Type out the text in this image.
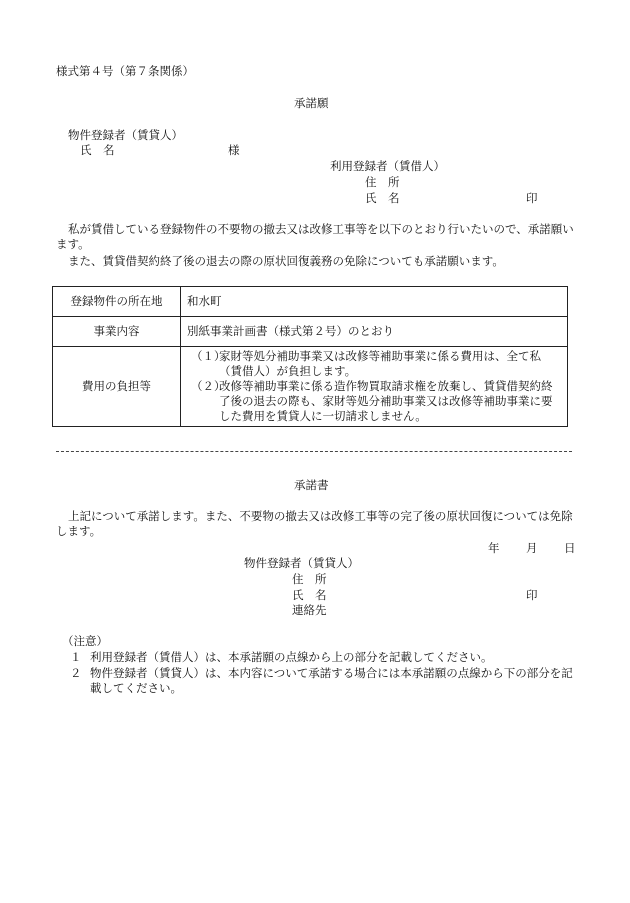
様式第４号（第７条関係）
承諾願
物件登録者（賃貸人）
氏　名	様
利用登録者（賃借人）
住　所
氏　名	印
私が賃借している登録物件の不要物の撤去又は改修工事等を以下のとおり行いたいので、承諾願います。
また、賃貸借契約終了後の退去の際の原状回復義務の免除についても承諾願います。
登録物件の所在地	和水町
事業内容	別紙事業計画書（様式第２号）のとおり
費用の負担等	（１）
家財等処分補助事業又は改修等補助事業に係る費用は、全て私（賃借人）が負担します。
（２）
改修等補助事業に係る造作物買取請求権を放棄し、賃貸借契約終了後の退去の際も、家財等処分補助事業又は改修等補助事業に要した費用を賃貸人に一切請求しません。
承諾書
上記について承諾します。また、不要物の撤去又は改修工事等の完了後の原状回復については免除します。
年 月 日
物件登録者（賃貸人）
住　所
氏　名	印
連絡先
（注意）
１ 利用登録者（賃借人）は、本承諾願の点線から上の部分を記載してください。
２ 物件登録者（賃貸人）は、本内容について承諾する場合には本承諾願の点線から下の部分を記載してください。
